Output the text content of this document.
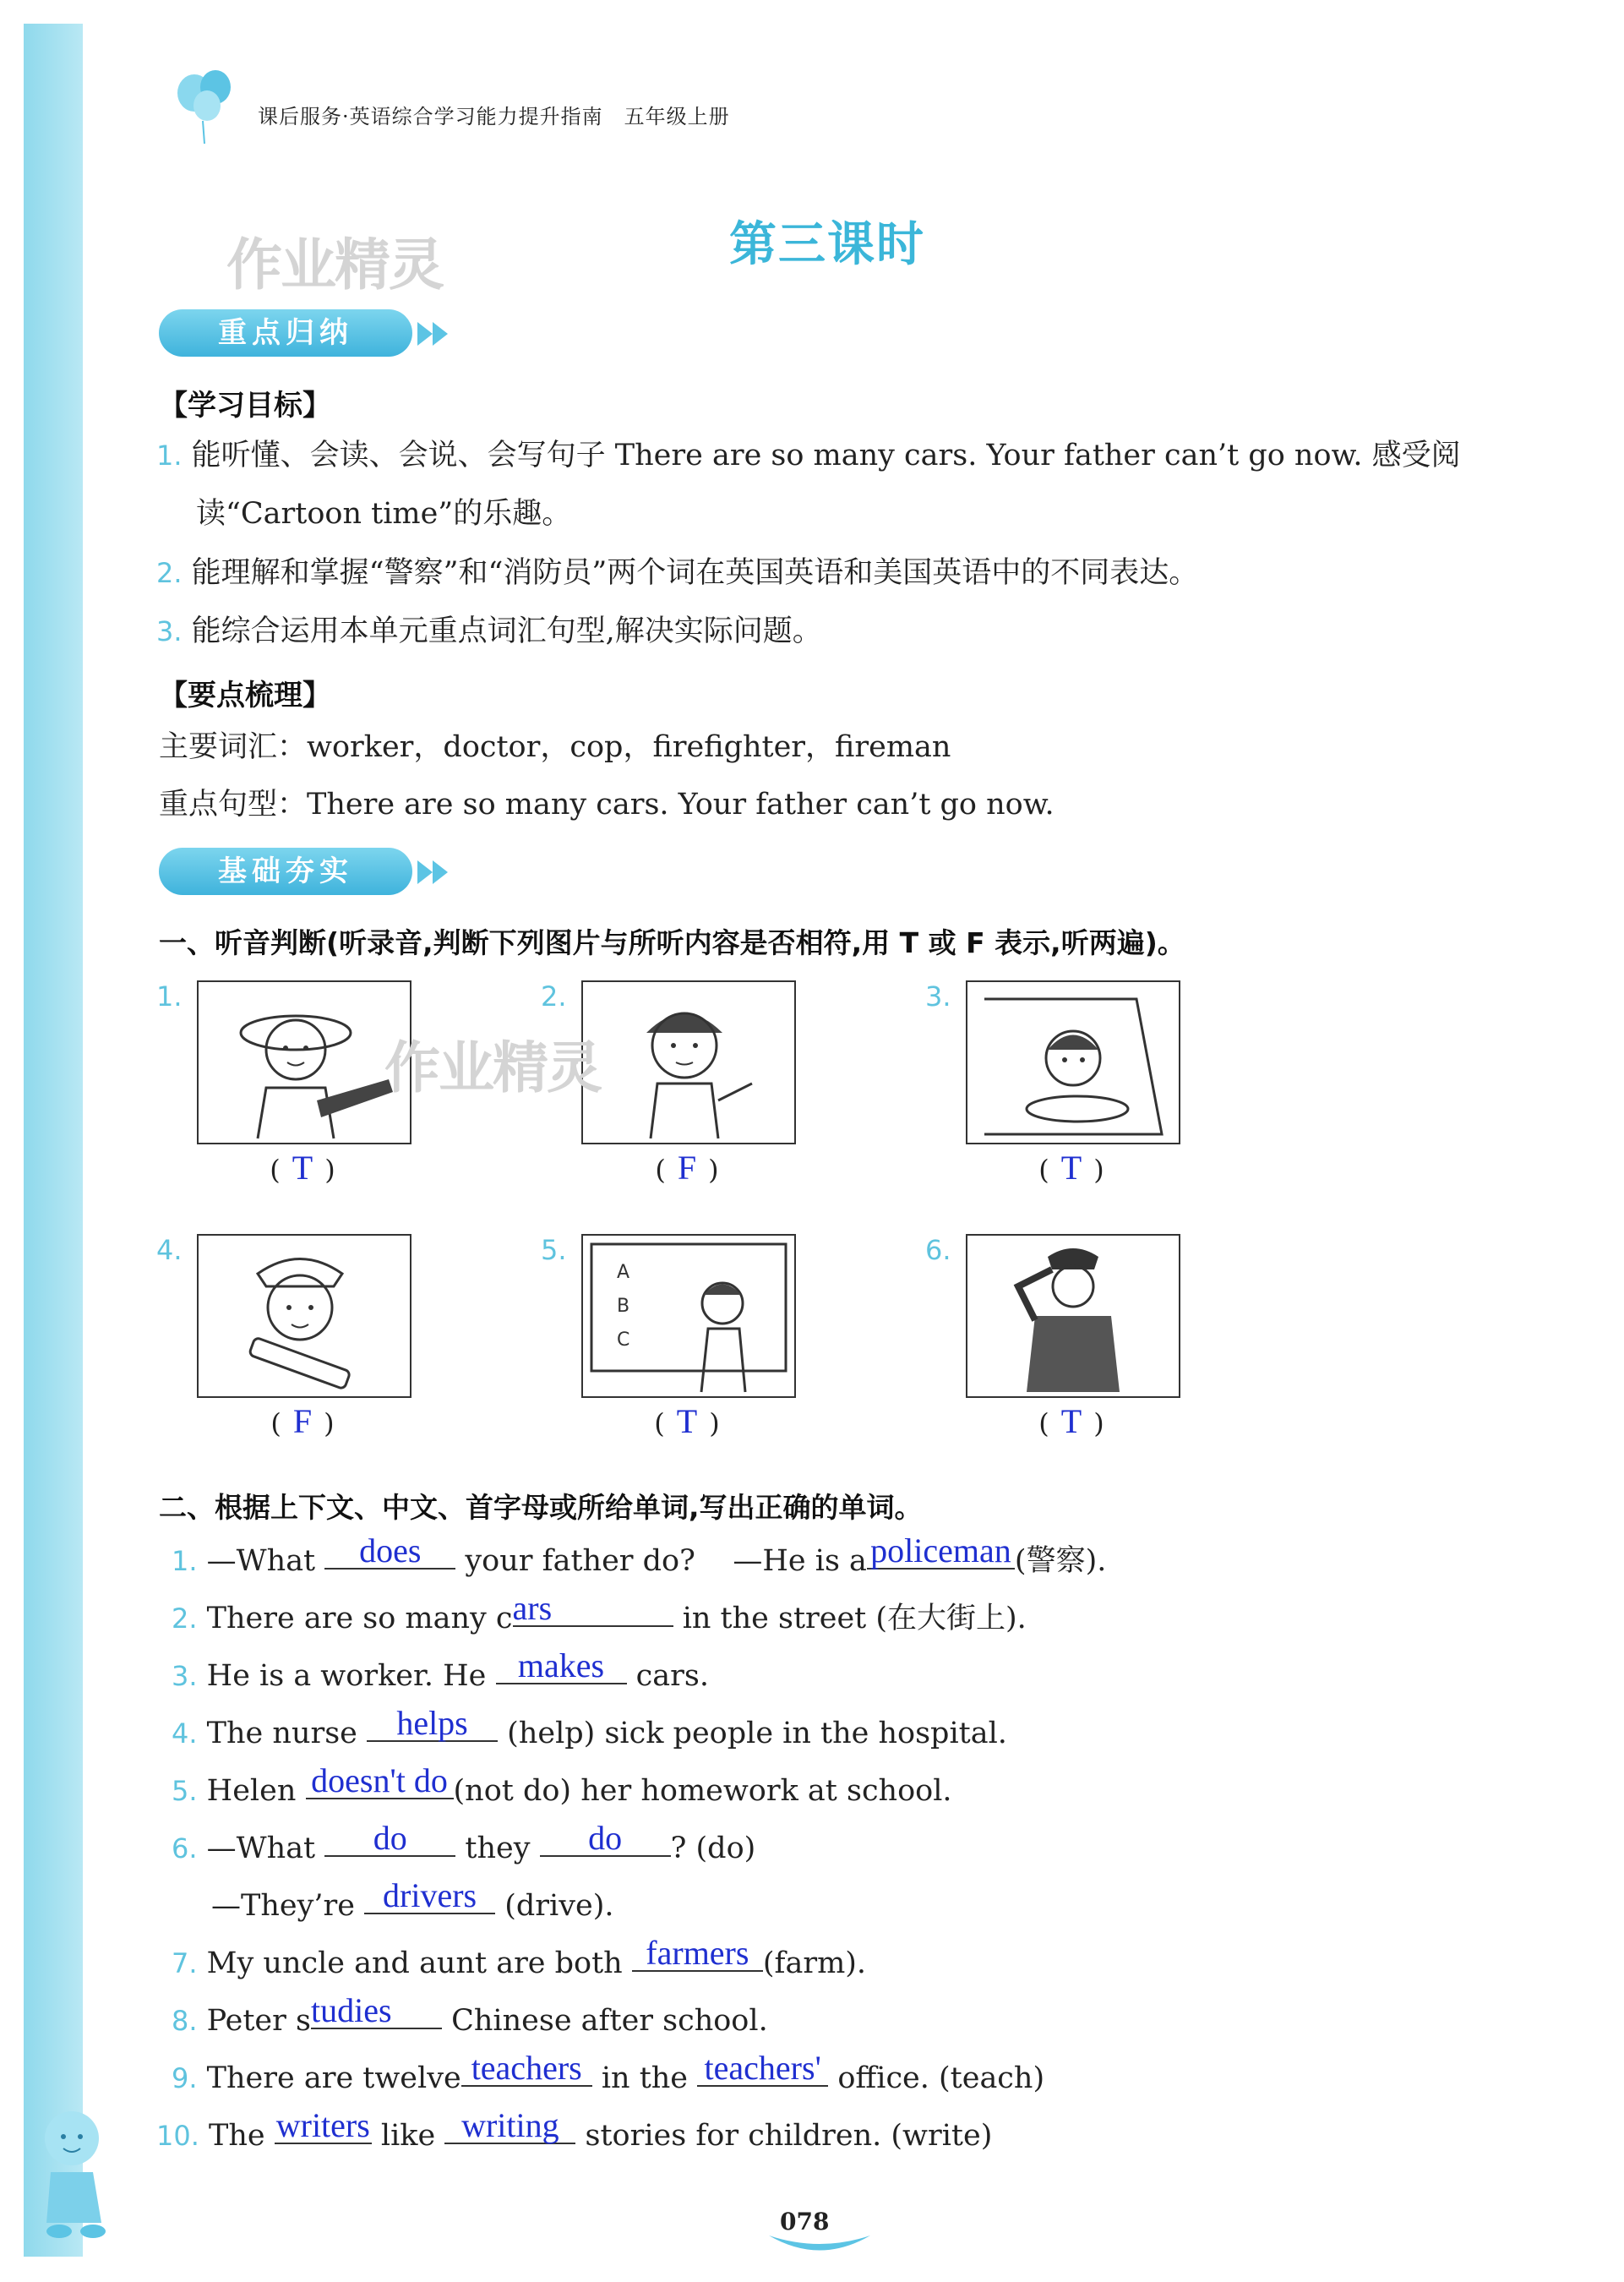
课后服务·英语综合学习能力提升指南　五年级上册
作业精灵	第三课时
重点归纳
【学习目标】
1. 能听懂、会读、会说、会写句子 There are so many cars. Your father can’t go now. 感受阅
读“Cartoon time”的乐趣。
2. 能理解和掌握“警察”和“消防员”两个词在英国英语和美国英语中的不同表达。
3. 能综合运用本单元重点词汇句型,解决实际问题。
【要点梳理】
主要词汇：worker，doctor，cop，firefighter，fireman
重点句型：There are so many cars. Your father can’t go now.
基础夯实
一、听音判断(听录音,判断下列图片与所听内容是否相符,用 T 或 F 表示,听两遍)。
1.
( T )
2.
( F )
3.
( T )
4.
( F )
5.
A
B
C
( T )
6.
( T )
作业精灵
二、根据上下文、中文、首字母或所给单词,写出正确的单词。
1. —What does your father do? —He is a policeman (警察).
2. There are so many cars	in the street (在大街上).
3. He is a worker. He makes cars.
4. The nurse helps (help) sick people in the hospital.
5. Helen doesn't do (not do) her homework at school.
6. —What do they do ? (do)
—They’re drivers (drive).
7. My uncle and aunt are both farmers (farm).
8. Peter studies Chinese after school.
9. There are twelve teachers in the teachers' office. (teach)
10. The writers like writing stories for children. (write)
078
